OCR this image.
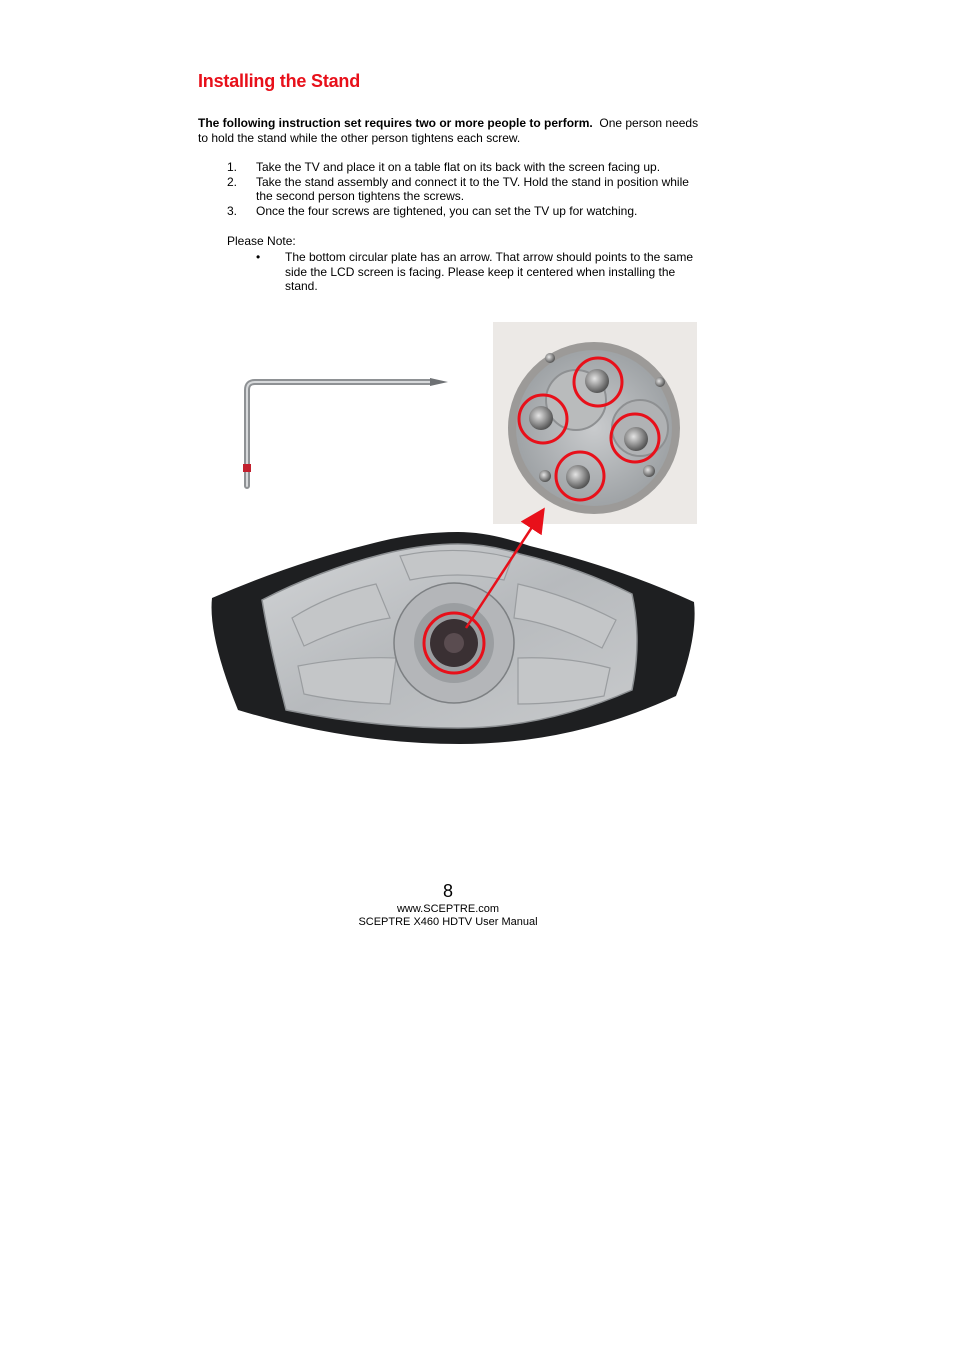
Installing the Stand

The following instruction set requires two or more people to perform.  One person needs to hold the stand while the other person tightens each screw.

1. Take the TV and place it on a table flat on its back with the screen facing up.
2. Take the stand assembly and connect it to the TV. Hold the stand in position while the second person tightens the screws.
3. Once the four screws are tightened, you can set the TV up for watching.
Please Note:
• The bottom circular plate has an arrow. That arrow should points to the same side the LCD screen is facing. Please keep it centered when installing the stand.
8
www.SCEPTRE.com
SCEPTRE X460 HDTV User Manual
